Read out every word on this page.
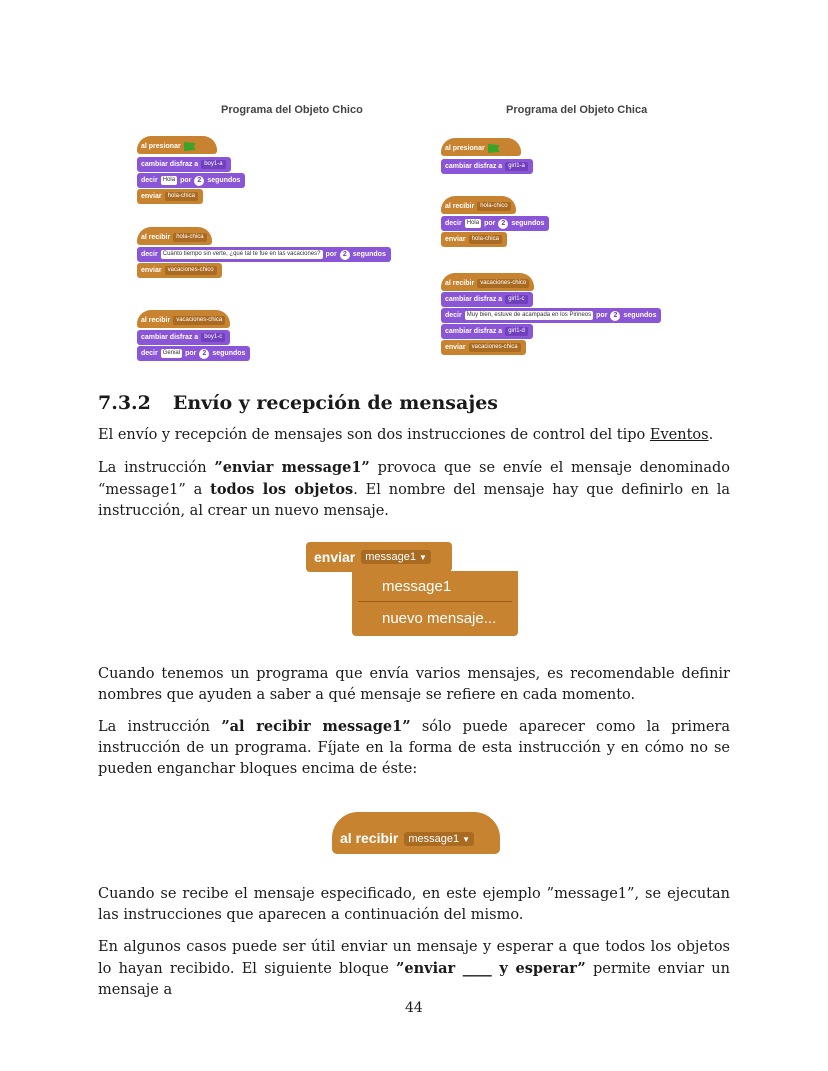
Programa del Objeto Chico	Programa del Objeto Chica
al presionar
cambiar disfraz a	boy1-a
decir Hola por 2 segundos
enviar	hola-chica
al recibir	hola-chica
decir Cuánto tiempo sin verte, ¿qué tal te fue en las vacaciones? por 2 segundos
enviar	vacaciones-chico
al recibir	vacaciones-chica
cambiar disfraz a	boy1-c
decir Genial por 2 segundos
al presionar
cambiar disfraz a	girl1-a
al recibir	hola-chico
decir Hola por 2 segundos
enviar	hola-chica
al recibir	vacaciones-chico
cambiar disfraz a	girl1-c
decir Muy bien, estuve de acampada en los Pirineos por 2 segundos
cambiar disfraz a	girl1-d
enviar	vacaciones-chica
7.3.2 Envío y recepción de mensajes
El envío y recepción de mensajes son dos instrucciones de control del tipo Eventos.
La instrucción ”enviar message1” provoca que se envíe el mensaje denominado “message1” a todos los objetos. El nombre del mensaje hay que definirlo en la instrucción, al crear un nuevo mensaje.
enviar message1 ▼
message1
nuevo mensaje...
Cuando tenemos un programa que envía varios mensajes, es recomendable definir nombres que ayuden a saber a qué mensaje se refiere en cada momento.
La instrucción ”al recibir message1” sólo puede aparecer como la primera instrucción de un programa. Fíjate en la forma de esta instrucción y en cómo no se pueden enganchar bloques encima de éste:
al recibir message1 ▼
Cuando se recibe el mensaje especificado, en este ejemplo ”message1”, se ejecutan las instrucciones que aparecen a continuación del mismo.
En algunos casos puede ser útil enviar un mensaje y esperar a que todos los objetos lo hayan recibido. El siguiente bloque ”enviar ____ y esperar” permite enviar un mensaje a
44
